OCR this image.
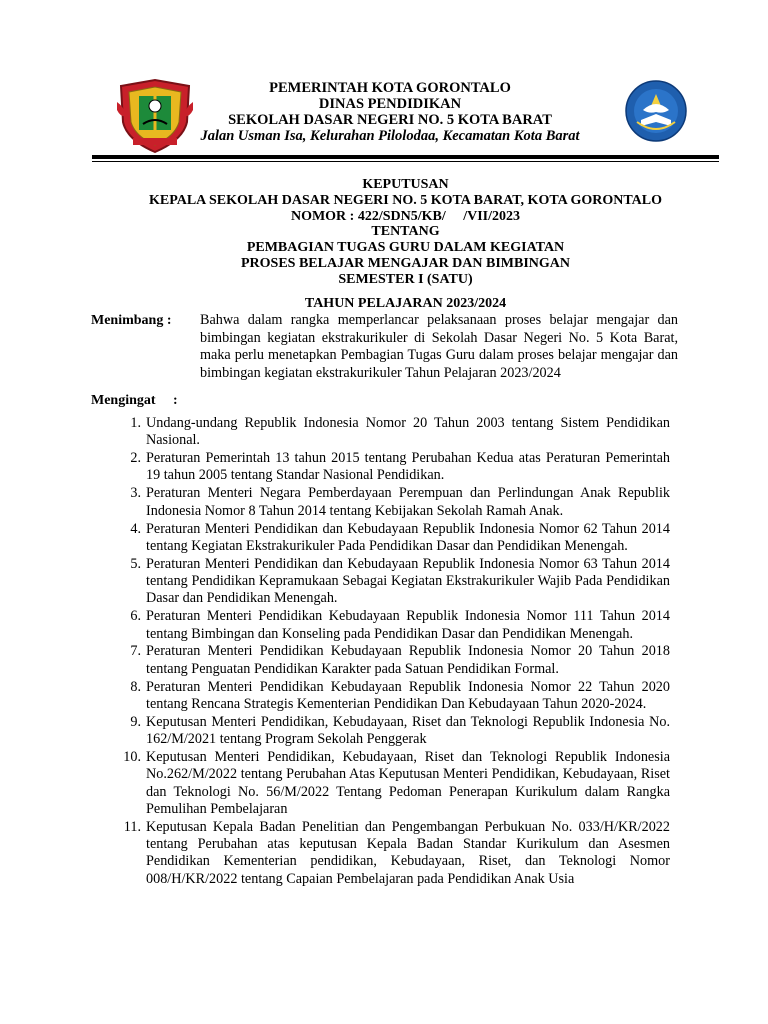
PEMERINTAH KOTA GORONTALO
DINAS PENDIDIKAN
SEKOLAH DASAR NEGERI NO. 5 KOTA BARAT
Jalan Usman Isa, Kelurahan Pilolodaa, Kecamatan Kota Barat
KEPUTUSAN
KEPALA SEKOLAH DASAR NEGERI NO. 5 KOTA BARAT, KOTA GORONTALO
NOMOR : 422/SDN5/KB/     /VII/2023
TENTANG
PEMBAGIAN TUGAS GURU DALAM KEGIATAN
PROSES BELAJAR MENGAJAR DAN BIMBINGAN
SEMESTER I (SATU)
TAHUN PELAJARAN 2023/2024
Menimbang : Bahwa dalam rangka memperlancar pelaksanaan proses belajar mengajar dan bimbingan kegiatan ekstrakurikuler di Sekolah Dasar Negeri No. 5 Kota Barat, maka perlu menetapkan Pembagian Tugas Guru dalam proses belajar mengajar dan bimbingan kegiatan ekstrakurikuler Tahun Pelajaran 2023/2024
Mengingat     :
1. Undang-undang Republik Indonesia Nomor 20 Tahun 2003 tentang Sistem Pendidikan Nasional.
2. Peraturan Pemerintah 13 tahun 2015 tentang Perubahan Kedua atas Peraturan Pemerintah 19 tahun 2005 tentang Standar Nasional Pendidikan.
3. Peraturan Menteri Negara Pemberdayaan Perempuan dan Perlindungan Anak Republik Indonesia Nomor 8 Tahun 2014 tentang Kebijakan Sekolah Ramah Anak.
4. Peraturan Menteri Pendidikan dan Kebudayaan Republik Indonesia Nomor 62 Tahun 2014 tentang Kegiatan Ekstrakurikuler Pada Pendidikan Dasar dan Pendidikan Menengah.
5. Peraturan Menteri Pendidikan dan Kebudayaan Republik Indonesia Nomor 63 Tahun 2014 tentang Pendidikan Kepramukaan Sebagai Kegiatan Ekstrakurikuler Wajib Pada Pendidikan Dasar dan Pendidikan Menengah.
6. Peraturan Menteri Pendidikan Kebudayaan Republik Indonesia Nomor 111 Tahun 2014 tentang Bimbingan dan Konseling pada Pendidikan Dasar dan Pendidikan Menengah.
7. Peraturan Menteri Pendidikan Kebudayaan Republik Indonesia Nomor 20 Tahun 2018 tentang Penguatan Pendidikan Karakter pada Satuan Pendidikan Formal.
8. Peraturan Menteri Pendidikan Kebudayaan Republik Indonesia Nomor 22 Tahun 2020 tentang Rencana Strategis Kementerian Pendidikan Dan Kebudayaan Tahun 2020-2024.
9. Keputusan Menteri Pendidikan, Kebudayaan, Riset dan Teknologi Republik Indonesia No. 162/M/2021 tentang Program Sekolah Penggerak
10. Keputusan Menteri Pendidikan, Kebudayaan, Riset dan Teknologi Republik Indonesia No.262/M/2022 tentang Perubahan Atas Keputusan Menteri Pendidikan, Kebudayaan, Riset dan Teknologi No. 56/M/2022 Tentang Pedoman Penerapan Kurikulum dalam Rangka Pemulihan Pembelajaran
11. Keputusan Kepala Badan Penelitian dan Pengembangan Perbukuan No. 033/H/KR/2022 tentang Perubahan atas keputusan Kepala Badan Standar Kurikulum dan Asesmen Pendidikan Kementerian pendidikan, Kebudayaan, Riset, dan Teknologi Nomor 008/H/KR/2022 tentang Capaian Pembelajaran pada Pendidikan Anak Usia
